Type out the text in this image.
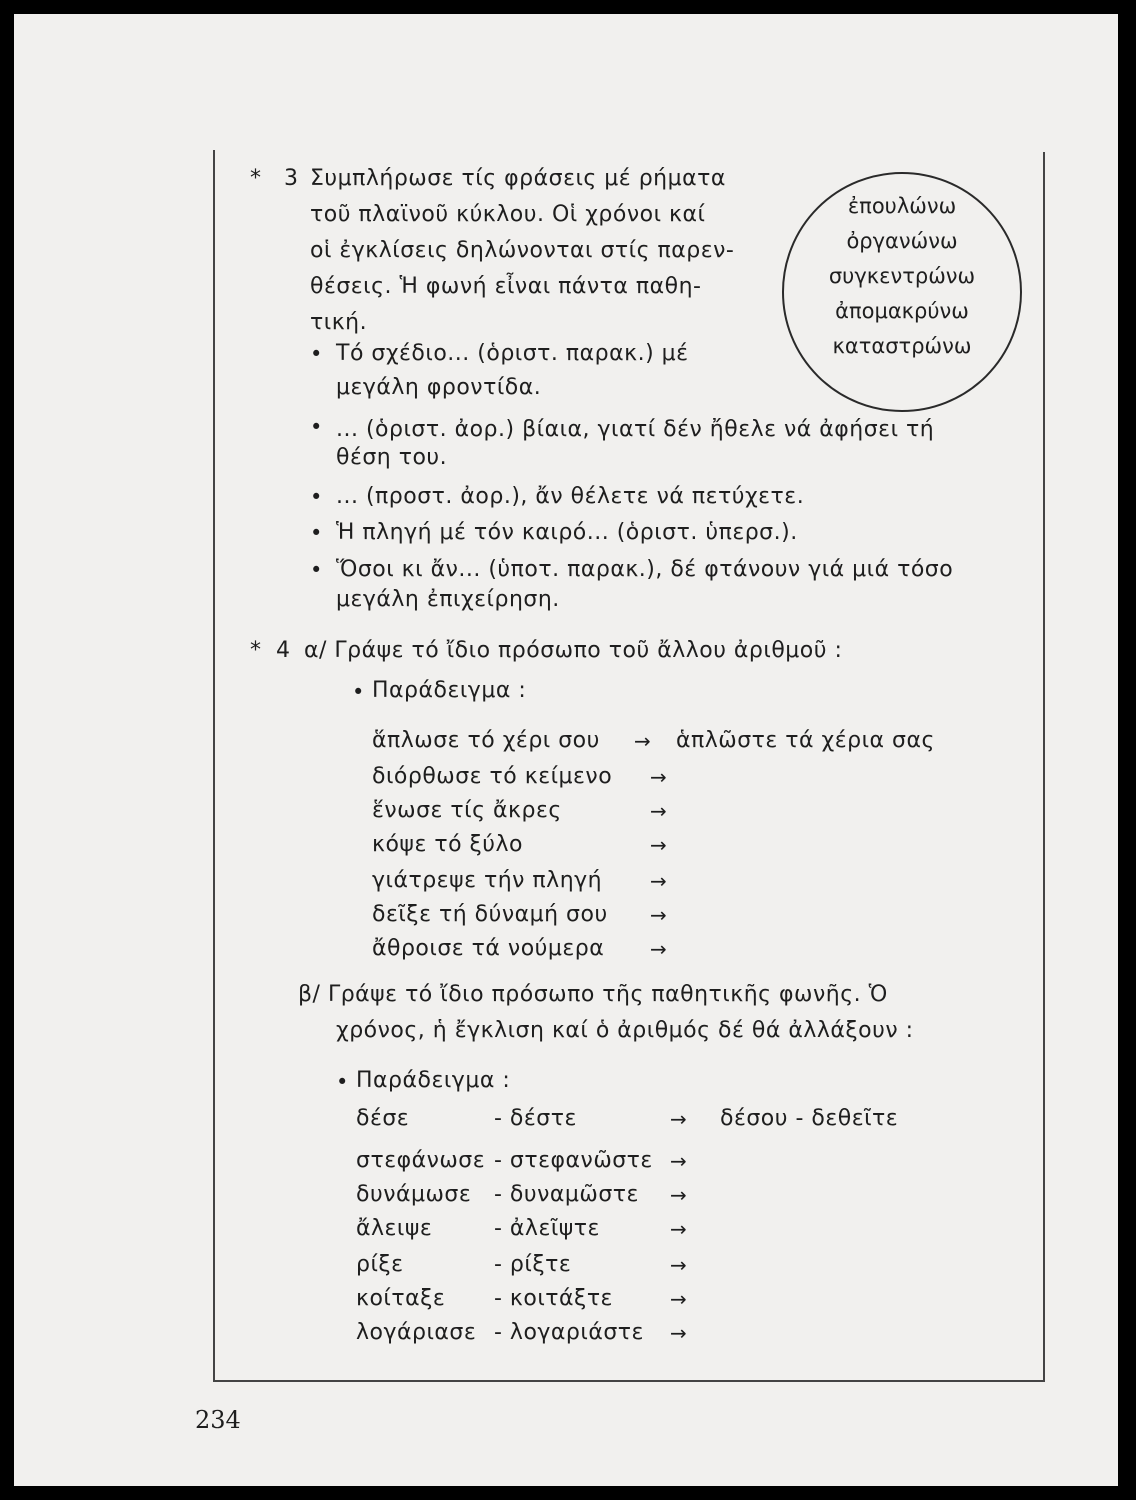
* 3 Συμπλήρωσε τίς φράσεις μέ ρήματα
τοῦ πλαϊνοῦ κύκλου. Οἱ χρόνοι καί
οἱ ἐγκλίσεις δηλώνονται στίς παρεν-
θέσεις. Ἡ φωνή εἶναι πάντα παθη-
τική.
ἐπουλώνω
ὀργανώνω
συγκεντρώνω
ἀπομακρύνω
καταστρώνω
• Τό σχέδιο... (ὁριστ. παρακ.) μέ
μεγάλη φροντίδα.
• ... (ὁριστ. ἀορ.) βίαια, γιατί δέν ἤθελε νά ἀφήσει τή
θέση του.
• ... (προστ. ἀορ.), ἄν θέλετε νά πετύχετε.
• Ἡ πληγή μέ τόν καιρό... (ὁριστ. ὑπερσ.).
• Ὅσοι κι ἄν... (ὑποτ. παρακ.), δέ φτάνουν γιά μιά τόσο
μεγάλη ἐπιχείρηση.
* 4 α/ Γράψε τό ἴδιο πρόσωπο τοῦ ἄλλου ἀριθμοῦ :
• Παράδειγμα :
ἅπλωσε τό χέρι σου → ἁπλῶστε τά χέρια σας
διόρθωσε τό κείμενο →
ἕνωσε τίς ἄκρες	→
κόψε τό ξύλο	→
γιάτρεψε τήν πληγή →
δεῖξε τή δύναμή σου →
ἄθροισε τά νούμερα →
β/ Γράψε τό ἴδιο πρόσωπο τῆς παθητικῆς φωνῆς. Ὁ
χρόνος, ἡ ἔγκλιση καί ὁ ἀριθμός δέ θά ἀλλάξουν :
• Παράδειγμα :
δέσε	- δέστε	→ δέσου - δεθεῖτε
στεφάνωσε - στεφανῶστε →
δυνάμωσε - δυναμῶστε →
ἄλειψε	- ἀλεῖψτε	→
ρίξε	- ρίξτε	→
κοίταξε - κοιτάξτε	→
λογάριασε - λογαριάστε →
234
